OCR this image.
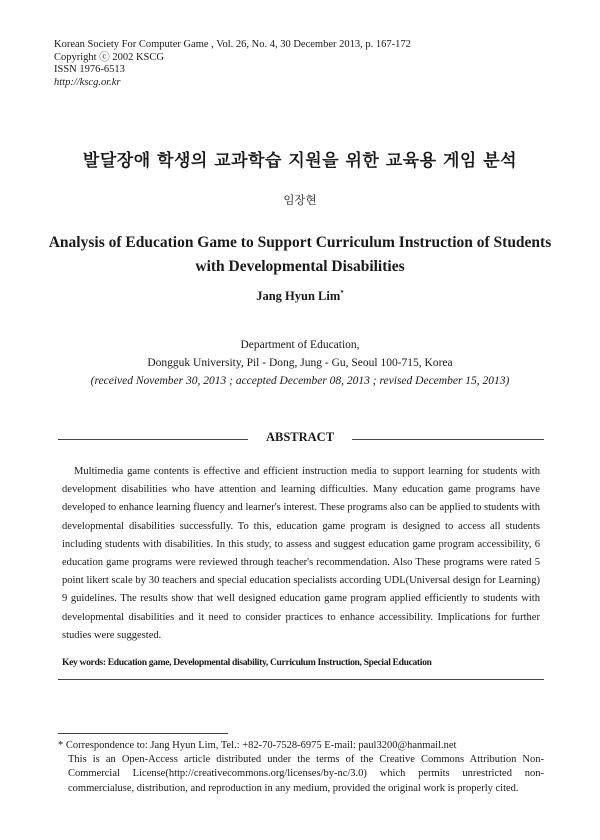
Korean Society For Computer Game , Vol. 26, No. 4, 30 December 2013, p. 167-172
Copyright ⓒ 2002 KSCG
ISSN 1976-6513
http://kscg.or.kr
발달장애 학생의 교과학습 지원을 위한 교육용 게임 분석
임장현
Analysis of Education Game to Support Curriculum Instruction of Students with Developmental Disabilities
Jang Hyun Lim*
Department of Education,
Dongguk University, Pil - Dong, Jung - Gu, Seoul 100-715, Korea
(received November 30, 2013 ; accepted December 08, 2013 ; revised December 15, 2013)
ABSTRACT

Multimedia game contents is effective and efficient instruction media to support learning for students with development disabilities who have attention and learning difficulties. Many education game programs have developed to enhance learning fluency and learner's interest. These programs also can be applied to students with developmental disabilities successfully. To this, education game program is designed to access all students including students with disabilities. In this study, to assess and suggest education game program accessibility, 6 education game programs were reviewed through teacher's recommendation. Also These programs were rated 5 point likert scale by 30 teachers and special education specialists according UDL(Universal design for Learning) 9 guidelines. The results show that well designed education game program applied efficiently to students with developmental disabilities and it need to consider practices to enhance accessibility. Implications for further studies were suggested.

Key words: Education game, Developmental disability, Curriculum Instruction, Special Education
* Correspondence to: Jang Hyun Lim, Tel.: +82-70-7528-6975 E-mail: paul3200@hanmail.net
This is an Open-Access article distributed under the terms of the Creative Commons Attribution Non-Commercial License(http://creativecommons.org/licenses/by-nc/3.0) which permits unrestricted non-commercialuse, distribution, and reproduction in any medium, provided the original work is properly cited.
